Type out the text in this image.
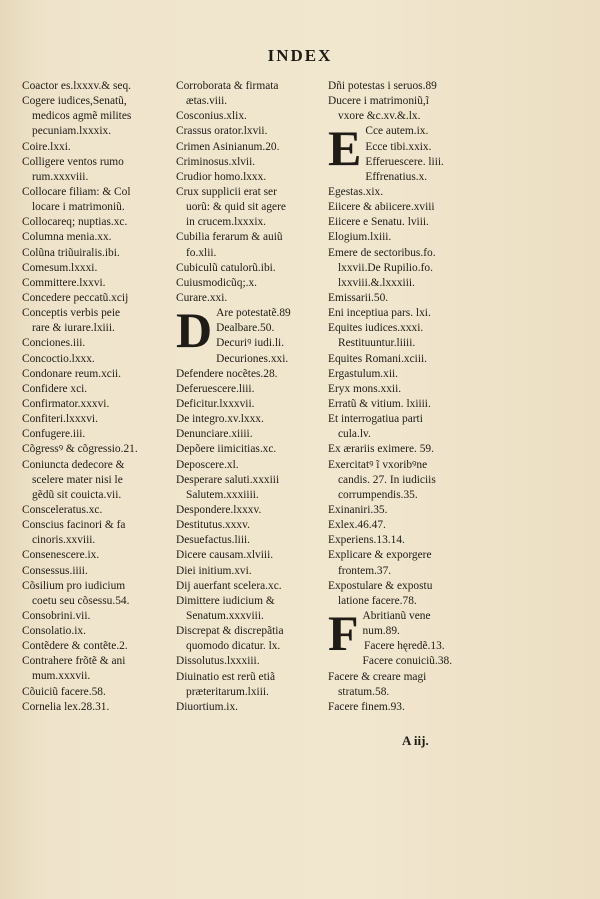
INDEX
Coactor es.lxxxv.& seq.
Cogere iudices,Senatũ,
medicos agmẽ milites
pecuniam.lxxxix.
Coire.lxxi.
Colligere ventos rumo
rum.xxxviii.
Collocare filiam: & Col
locare i matrimoniũ.
Collocareq; nuptias.xc.
Columna menia.xx.
Colũna triũuiralis.ibi.
Comesum.lxxxi.
Committere.lxxvi.
Concedere peccatũ.xcij
Conceptis verbis peie
rare & iurare.lxiii.
Conciones.iii.
Concoctio.lxxx.
Condonare reum.xcii.
Confidere xci.
Confirmator.xxxvi.
Confiteri.lxxxvi.
Confugere.iii.
Cõgressꝰ & cõgressio.21.
Coniuncta dedecore &
scelere mater nisi le
gẽdũ sit couicta.vii.
Consceleratus.xc.
Conscius facinori & fa
cinoris.xxviii.
Consenescere.ix.
Consessus.iiii.
Cõsilium pro iudicium
coetu seu cõsessu.54.
Consobrini.vii.
Consolatio.ix.
Contẽdere & contẽte.2.
Contrahere frõtẽ & ani
mum.xxxvii.
Cõuiciũ facere.58.
Cornelia lex.28.31.
Corroborata & firmata
ætas.viii.
Cosconius.xlix.
Crassus orator.lxvii.
Crimen Asinianum.20.
Criminosus.xlvii.
Crudior homo.lxxx.
Crux supplicii erat ser
uorũ: & quid sit agere
in crucem.lxxxix.
Cubilia ferarum & auiũ
fo.xlii.
Cubiculũ catulorũ.ibi.
Cuiusmodicũq;.x.
Curare.xxi.
D Are potestatẽ.89
Dealbare.50.
Decuriꝰ iudi.li.
Decuriones.xxi.
Defendere nocẽtes.28.
Deferuescere.liii.
Deficitur.lxxxvii.
De integro.xv.lxxx.
Denunciare.xiiii.
Depõere iimicitias.xc.
Deposcere.xl.
Desperare saluti.xxxiii
Salutem.xxxiiii.
Despondere.lxxxv.
Destitutus.xxxv.
Desuefactus.liii.
Dicere causam.xlviii.
Diei initium.xvi.
Dij auerfant scelera.xc.
Dimittere iudicium &
Senatum.xxxviii.
Discrepat & discrepãtia
quomodo dicatur. lx.
Dissolutus.lxxxiii.
Diuinatio est rerũ etiã
præteritarum.lxiii.
Diuortium.ix.
Dñi potestas i seruos.89
Ducere i matrimoniũ,ĩ
vxore &c.xv.&.lx.
E Cce autem.ix.
Ecce tibi.xxix.
Efferuescere. liii.
Effrenatius.x.
Egestas.xix.
Eiicere & abiicere.xviii
Eiicere e Senatu. lviii.
Elogium.lxiii.
Emere de sectoribus.fo.
lxxvii.De Rupilio.fo.
lxxviii.&.lxxxiii.
Emissarii.50.
Eni inceptiua pars. lxi.
Equites iudices.xxxi.
Restituuntur.liiii.
Equites Romani.xciii.
Ergastulum.xii.
Eryx mons.xxii.
Erratũ & vitium. lxiiii.
Et interrogatiua parti
cula.lv.
Ex ærariis eximere. 59.
Exercitatꝰ ĩ vxoribꝰne
candis. 27. In iudiciis
corrumpendis.35.
Exinaniri.35.
Exlex.46.47.
Experiens.13.14.
Explicare & exporgere
frontem.37.
Expostulare & expostu
latione facere.78.
F Abritianũ vene
num.89.
Facere hęredẽ.13.
Facere conuiciũ.38.
Facere & creare magi
stratum.58.
Facere finem.93.
A iij.
